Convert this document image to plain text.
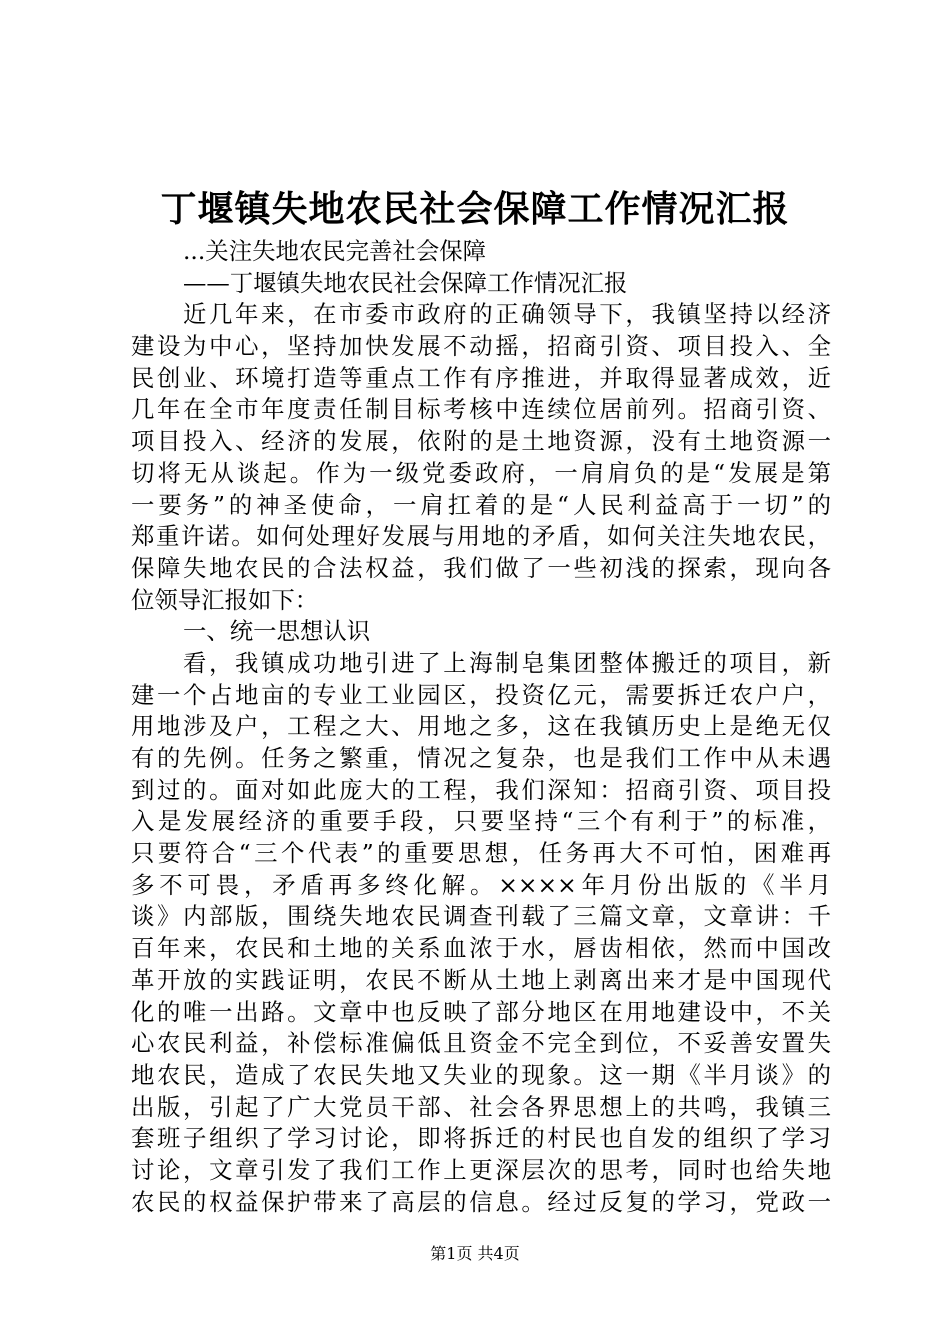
丁堰镇失地农民社会保障工作情况汇报
...关注失地农民完善社会保障
——丁堰镇失地农民社会保障工作情况汇报
近几年来，在市委市政府的正确领导下，我镇坚持以经济
建设为中心，坚持加快发展不动摇，招商引资、项目投入、全
民创业、环境打造等重点工作有序推进，并取得显著成效，近
几年在全市年度责任制目标考核中连续位居前列。招商引资、
项目投入、经济的发展，依附的是土地资源，没有土地资源一
切将无从谈起。作为一级党委政府，一肩肩负的是“发展是第
一要务”的神圣使命，一肩扛着的是“人民利益高于一切”的
郑重许诺。如何处理好发展与用地的矛盾，如何关注失地农民，
保障失地农民的合法权益，我们做了一些初浅的探索，现向各
位领导汇报如下：
一、统一思想认识
看，我镇成功地引进了上海制皂集团整体搬迁的项目，新
建一个占地亩的专业工业园区，投资亿元，需要拆迁农户户，
用地涉及户，工程之大、用地之多，这在我镇历史上是绝无仅
有的先例。任务之繁重，情况之复杂，也是我们工作中从未遇
到过的。面对如此庞大的工程，我们深知：招商引资、项目投
入是发展经济的重要手段，只要坚持“三个有利于”的标准，
只要符合“三个代表”的重要思想，任务再大不可怕，困难再
多不可畏，矛盾再多终化解。××××年月份出版的《半月
谈》内部版，围绕失地农民调查刊载了三篇文章，文章讲：千
百年来，农民和土地的关系血浓于水，唇齿相依，然而中国改
革开放的实践证明，农民不断从土地上剥离出来才是中国现代
化的唯一出路。文章中也反映了部分地区在用地建设中，不关
心农民利益，补偿标准偏低且资金不完全到位，不妥善安置失
地农民，造成了农民失地又失业的现象。这一期《半月谈》的
出版，引起了广大党员干部、社会各界思想上的共鸣，我镇三
套班子组织了学习讨论，即将拆迁的村民也自发的组织了学习
讨论，文章引发了我们工作上更深层次的思考，同时也给失地
农民的权益保护带来了高层的信息。经过反复的学习，党政一
第1页 共4页
